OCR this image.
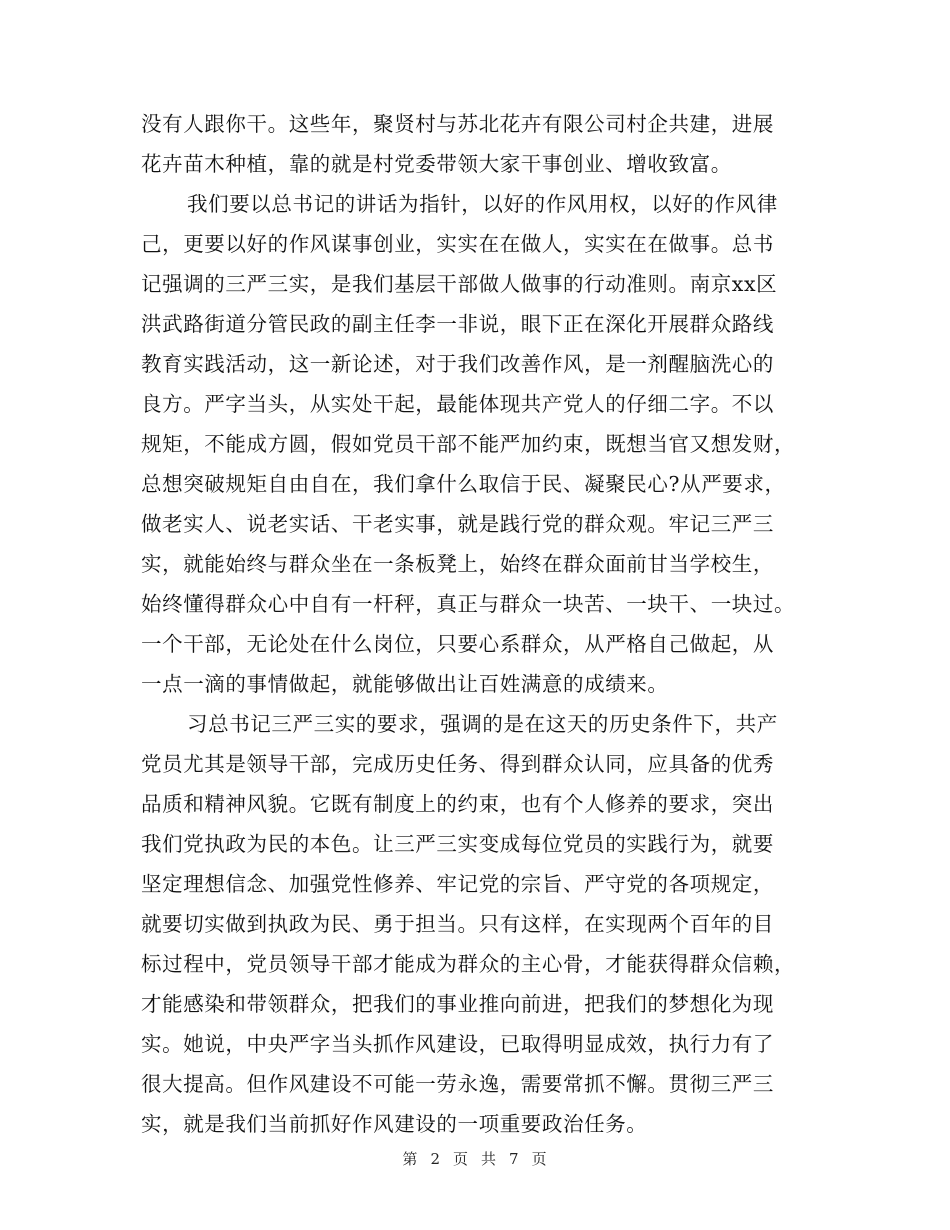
没有人跟你干。这些年，聚贤村与苏北花卉有限公司村企共建，进展
花卉苗木种植，靠的就是村党委带领大家干事创业、增收致富。
我们要以总书记的讲话为指针，以好的作风用权，以好的作风律
己，更要以好的作风谋事创业，实实在在做人，实实在在做事。总书
记强调的三严三实，是我们基层干部做人做事的行动准则。南京xx区
洪武路街道分管民政的副主任李一非说，眼下正在深化开展群众路线
教育实践活动，这一新论述，对于我们改善作风，是一剂醒脑洗心的
良方。严字当头，从实处干起，最能体现共产党人的仔细二字。不以
规矩，不能成方圆，假如党员干部不能严加约束，既想当官又想发财，
总想突破规矩自由自在，我们拿什么取信于民、凝聚民心?从严要求，
做老实人、说老实话、干老实事，就是践行党的群众观。牢记三严三
实，就能始终与群众坐在一条板凳上，始终在群众面前甘当学校生，
始终懂得群众心中自有一杆秤，真正与群众一块苦、一块干、一块过。
一个干部，无论处在什么岗位，只要心系群众，从严格自己做起，从
一点一滴的事情做起，就能够做出让百姓满意的成绩来。
习总书记三严三实的要求，强调的是在这天的历史条件下，共产
党员尤其是领导干部，完成历史任务、得到群众认同，应具备的优秀
品质和精神风貌。它既有制度上的约束，也有个人修养的要求，突出
我们党执政为民的本色。让三严三实变成每位党员的实践行为，就要
坚定理想信念、加强党性修养、牢记党的宗旨、严守党的各项规定，
就要切实做到执政为民、勇于担当。只有这样，在实现两个百年的目
标过程中，党员领导干部才能成为群众的主心骨，才能获得群众信赖，
才能感染和带领群众，把我们的事业推向前进，把我们的梦想化为现
实。她说，中央严字当头抓作风建设，已取得明显成效，执行力有了
很大提高。但作风建设不可能一劳永逸，需要常抓不懈。贯彻三严三
实，就是我们当前抓好作风建设的一项重要政治任务。
第 2 页 共 7 页
